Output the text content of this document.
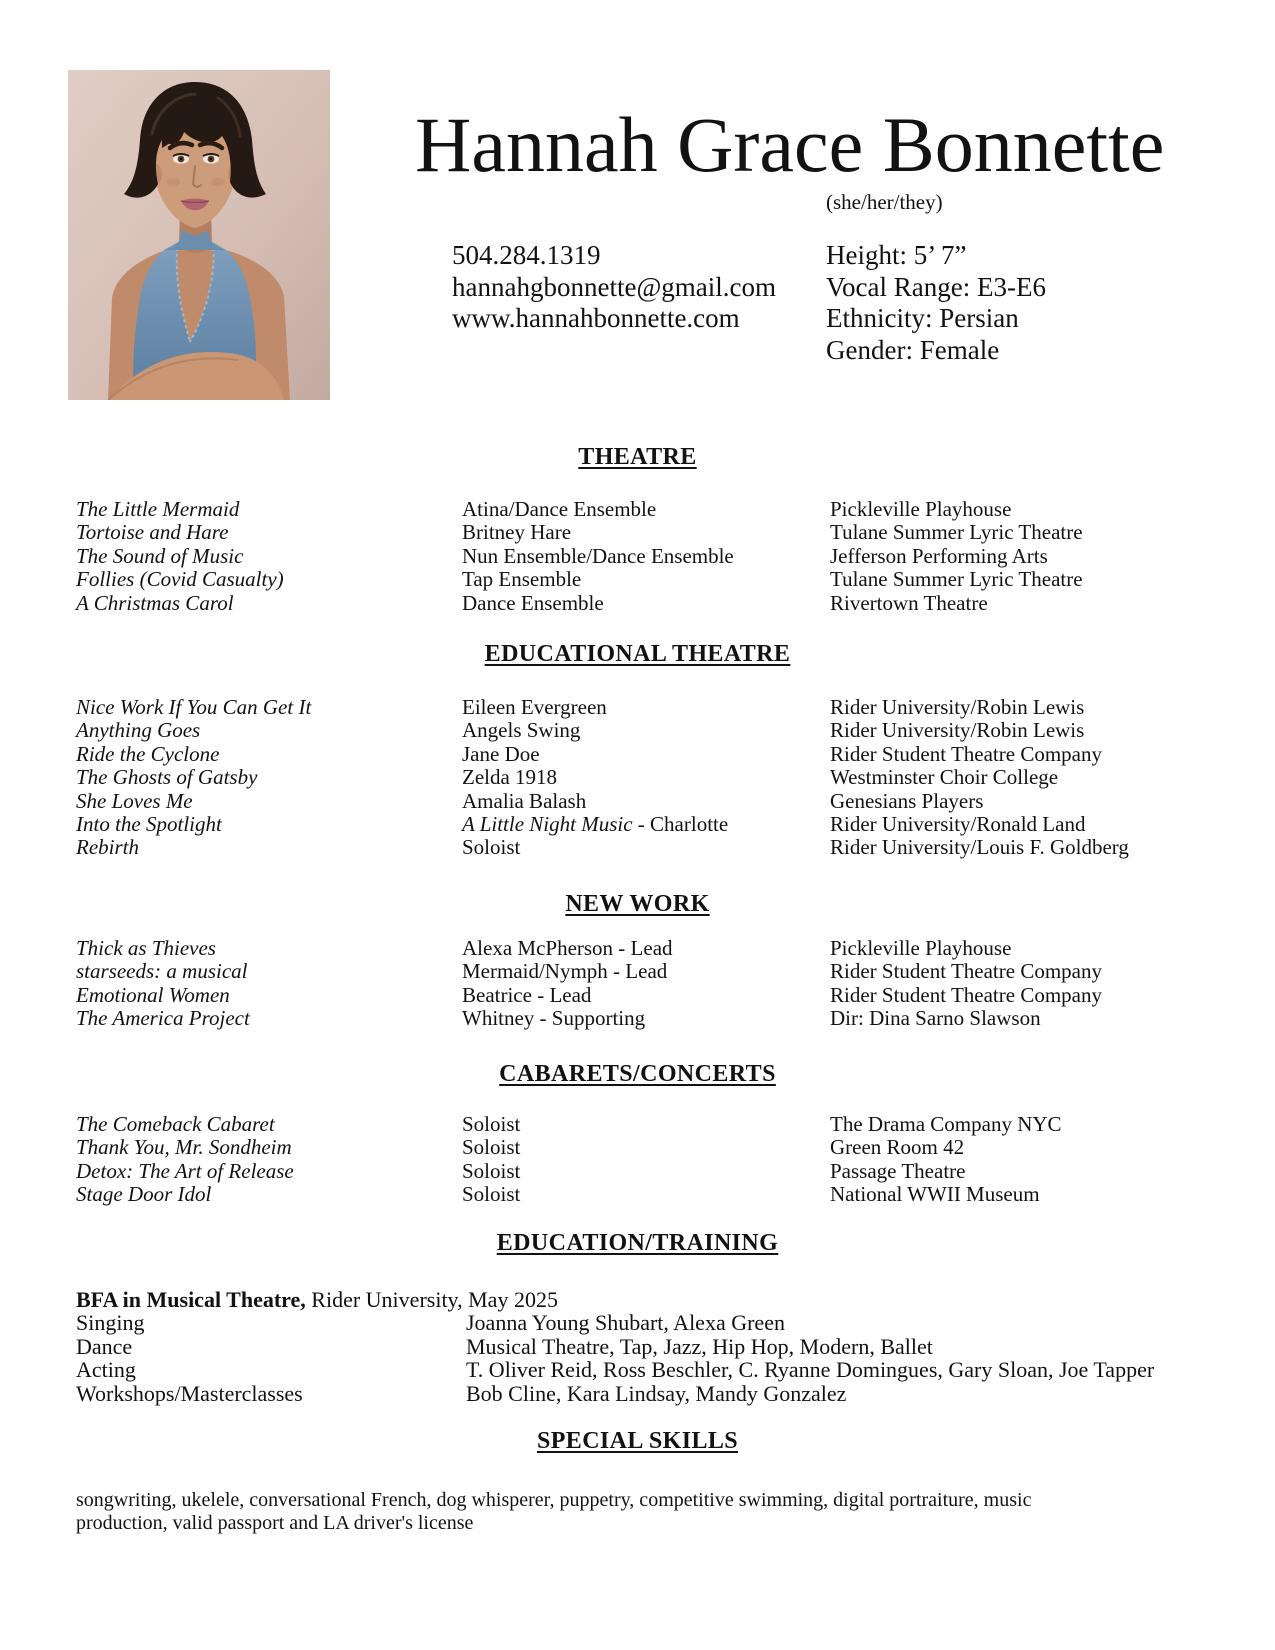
Hannah Grace Bonnette
(she/her/they)
504.284.1319
hannahgbonnette@gmail.com
www.hannahbonnette.com
Height: 5’ 7”
Vocal Range: E3-E6
Ethnicity: Persian
Gender: Female
THEATRE
EDUCATIONAL THEATRE
NEW WORK
CABARETS/CONCERTS
EDUCATION/TRAINING
SPECIAL SKILLS
The Little Mermaid	Atina/Dance Ensemble	Pickleville Playhouse
Tortoise and Hare	Britney Hare	Tulane Summer Lyric Theatre
The Sound of Music	Nun Ensemble/Dance Ensemble	Jefferson Performing Arts
Follies (Covid Casualty)	Tap Ensemble	Tulane Summer Lyric Theatre
A Christmas Carol	Dance Ensemble	Rivertown Theatre
Nice Work If You Can Get It	Eileen Evergreen	Rider University/Robin Lewis
Anything Goes	Angels Swing	Rider University/Robin Lewis
Ride the Cyclone	Jane Doe	Rider Student Theatre Company
The Ghosts of Gatsby	Zelda 1918	Westminster Choir College
She Loves Me	Amalia Balash	Genesians Players
Into the Spotlight	A Little Night Music - Charlotte	Rider University/Ronald Land
Rebirth	Soloist	Rider University/Louis F. Goldberg
Thick as Thieves	Alexa McPherson - Lead	Pickleville Playhouse
starseeds: a musical	Mermaid/Nymph - Lead	Rider Student Theatre Company
Emotional Women	Beatrice - Lead	Rider Student Theatre Company
The America Project	Whitney - Supporting	Dir: Dina Sarno Slawson
The Comeback Cabaret	Soloist	The Drama Company NYC
Thank You, Mr. Sondheim	Soloist	Green Room 42
Detox: The Art of Release	Soloist	Passage Theatre
Stage Door Idol	Soloist	National WWII Museum
BFA in Musical Theatre, Rider University, May 2025
Singing	Joanna Young Shubart, Alexa Green
Dance	Musical Theatre, Tap, Jazz, Hip Hop, Modern, Ballet
Acting	T. Oliver Reid, Ross Beschler, C. Ryanne Domingues, Gary Sloan, Joe Tapper
Workshops/Masterclasses	Bob Cline, Kara Lindsay, Mandy Gonzalez
songwriting, ukelele, conversational French, dog whisperer, puppetry, competitive swimming, digital portraiture, music
production, valid passport and LA driver's license
